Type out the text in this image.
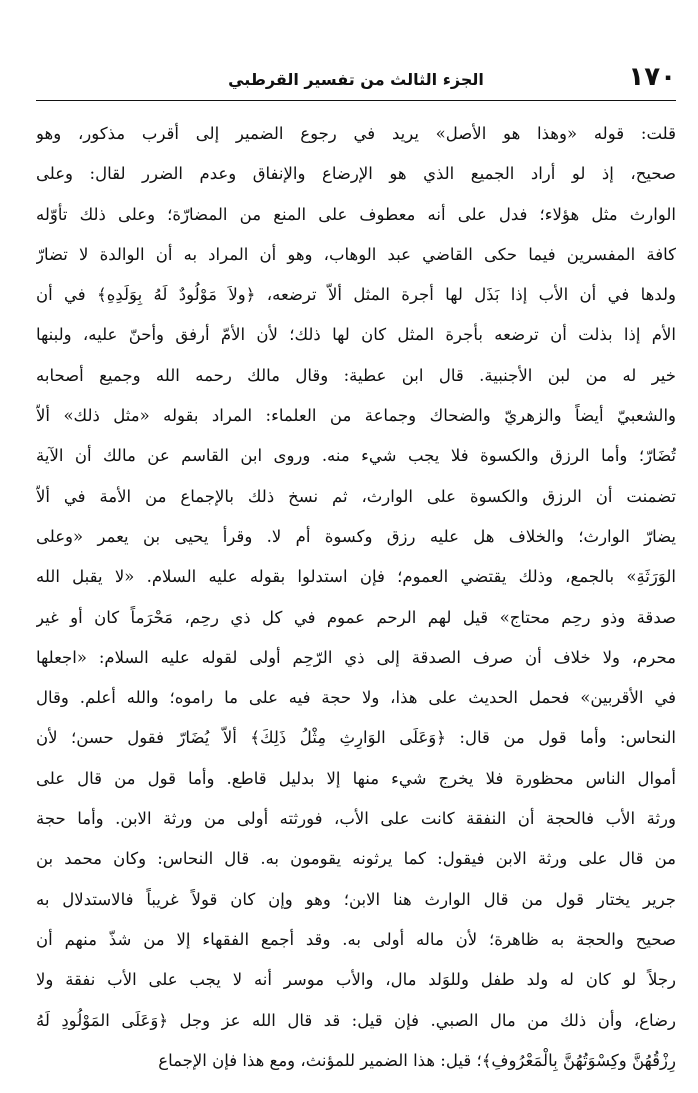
١٧٠
الجزء الثالث من تفسير القرطبي
قلت: قوله «وهذا هو الأصل» يريد في رجوع الضمير إلى أقرب مذكور، وهو
صحيح، إذ لو أراد الجميع الذي هو الإرضاع والإنفاق وعدم الضرر لقال: وعلى
الوارث مثل هؤلاء؛ فدل على أنه معطوف على المنع من المضارّة؛ وعلى ذلك تأوّله
كافة المفسرين فيما حكى القاضي عبد الوهاب، وهو أن المراد به أن الوالدة لا تضارّ
ولدها في أن الأب إذا بَذَل لها أجرة المثل ألاّ ترضعه، ﴿ولاَ مَوْلُودٌ لَهُ بِوَلَدِهِ﴾ في أن
الأم إذا بذلت أن ترضعه بأجرة المثل كان لها ذلك؛ لأن الأمّ أرفق وأحنّ عليه، ولبنها
خير له من لبن الأجنبية. قال ابن عطية: وقال مالك رحمه الله وجميع أصحابه
والشعبيّ أيضاً والزهريّ والضحاك وجماعة من العلماء: المراد بقوله «مثل ذلك» ألاّ
تُضَارّ؛ وأما الرزق والكسوة فلا يجب شيء منه. وروى ابن القاسم عن مالك أن الآية
تضمنت أن الرزق والكسوة على الوارث، ثم نسخ ذلك بالإجماع من الأمة في ألاّ
يضارّ الوارث؛ والخلاف هل عليه رزق وكسوة أم لا. وقرأ يحيى بن يعمر «وعلى
الوَرَثَةِ» بالجمع، وذلك يقتضي العموم؛ فإن استدلوا بقوله عليه السلام. «لا يقبل الله
صدقة وذو رحِم محتاج» قيل لهم الرحم عموم في كل ذي رحِم، مَحْرَماً كان أو غير
محرم، ولا خلاف أن صرف الصدقة إلى ذي الرّحِم أولى لقوله عليه السلام: «اجعلها
في الأقربين» فحمل الحديث على هذا، ولا حجة فيه على ما راموه؛ والله أعلم. وقال
النحاس: وأما قول من قال: ﴿وَعَلَى الوَارِثِ مِثْلُ ذَلِكَ﴾ ألاّ يُضَارّ فقول حسن؛ لأن
أموال الناس محظورة فلا يخرج شيء منها إلا بدليل قاطع. وأما قول من قال على
ورثة الأب فالحجة أن النفقة كانت على الأب، فورثته أولى من ورثة الابن. وأما حجة
من قال على ورثة الابن فيقول: كما يرثونه يقومون به. قال النحاس: وكان محمد بن
جرير يختار قول من قال الوارث هنا الابن؛ وهو وإن كان قولاً غريباً فالاستدلال به
صحيح والحجة به ظاهرة؛ لأن ماله أولى به. وقد أجمع الفقهاء إلا من شذّ منهم أن
رجلاً لو كان له ولد طفل وللوَلد مال، والأب موسر أنه لا يجب على الأب نفقة ولا
رضاع، وأن ذلك من مال الصبي. فإن قيل: قد قال الله عز وجل ﴿وَعَلَى المَوْلُودِ لَهُ
رِزْقُهُنَّ وكِسْوَتُهُنَّ بِالْمَعْرُوفِ﴾؛ قيل: هذا الضمير للمؤنث، ومع هذا فإن الإجماع
